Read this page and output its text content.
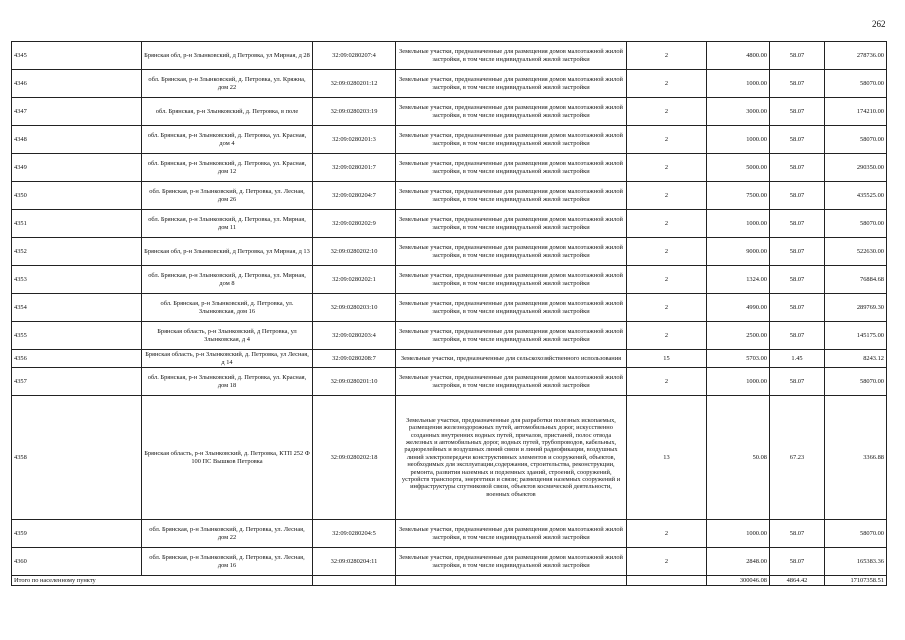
262
4345	Брянская обл, р-н Злынковский, д Петровка, ул Мирная, д 28	32:09:0280207:4	Земельные участки, предназначенные для размещения домов малоэтажной жилой застройки, в том числе индивидуальной жилой застройки	2	4800.00	58.07	278736.00
4346	обл. Брянская, р-н Злынковский, д. Петровка, ул. Кряжна, дом 22	32:09:0280201:12	Земельные участки, предназначенные для размещения домов малоэтажной жилой застройки, в том числе индивидуальной жилой застройки	2	1000.00	58.07	58070.00
4347	обл. Брянская, р-н Злынковский, д. Петровка, в поле	32:09:0280203:19	Земельные участки, предназначенные для размещения домов малоэтажной жилой застройки, в том числе индивидуальной жилой застройки	2	3000.00	58.07	174210.00
4348	обл. Брянская, р-н Злынковский, д. Петровка, ул. Красная, дом 4	32:09:0280201:3	Земельные участки, предназначенные для размещения домов малоэтажной жилой застройки, в том числе индивидуальной жилой застройки	2	1000.00	58.07	58070.00
4349	обл. Брянская, р-н Злынковский, д. Петровка, ул. Красная, дом 12	32:09:0280201:7	Земельные участки, предназначенные для размещения домов малоэтажной жилой застройки, в том числе индивидуальной жилой застройки	2	5000.00	58.07	290350.00
4350	обл. Брянская, р-н Злынковский, д. Петровка, ул. Лесная, дом 26	32:09:0280204:7	Земельные участки, предназначенные для размещения домов малоэтажной жилой застройки, в том числе индивидуальной жилой застройки	2	7500.00	58.07	435525.00
4351	обл. Брянская, р-н Злынковский, д. Петровка, ул. Мирная, дом 11	32:09:0280202:9	Земельные участки, предназначенные для размещения домов малоэтажной жилой застройки, в том числе индивидуальной жилой застройки	2	1000.00	58.07	58070.00
4352	Брянская обл, р-н Злынковский, д Петровка, ул Мирная, д 13	32:09:0280202:10	Земельные участки, предназначенные для размещения домов малоэтажной жилой застройки, в том числе индивидуальной жилой застройки	2	9000.00	58.07	522630.00
4353	обл. Брянская, р-н Злынковский, д. Петровка, ул. Мирная, дом 8	32:09:0280202:1	Земельные участки, предназначенные для размещения домов малоэтажной жилой застройки, в том числе индивидуальной жилой застройки	2	1324.00	58.07	76884.68
4354	обл. Брянская, р-н Злынковский, д. Петровка, ул. Злынковская, дом 16	32:09:0280203:10	Земельные участки, предназначенные для размещения домов малоэтажной жилой застройки, в том числе индивидуальной жилой застройки	2	4990.00	58.07	289769.30
4355	Брянская область, р-н Злынковский, д Петровка, ул Злынковская, д 4	32:09:0280203:4	Земельные участки, предназначенные для размещения домов малоэтажной жилой застройки, в том числе индивидуальной жилой застройки	2	2500.00	58.07	145175.00
4356	Брянская область, р-н Злынковский, д. Петровка, ул Лесная, д 14	32:09:0280208:7	Земельные участки, предназначенные для сельскохозяйственного использования	15	5703.00	1.45	8243.12
4357	обл. Брянская, р-н Злынковский, д. Петровка, ул. Красная, дом 18	32:09:0280201:10	Земельные участки, предназначенные для размещения домов малоэтажной жилой застройки, в том числе индивидуальной жилой застройки	2	1000.00	58.07	58070.00
4358	Брянская область, р-н Злынковский, д. Петровка, КТП 252 Ф 100 ПС Вышков Петровка	32:09:0280202:18	Земельные участки, предназначенные для разработки полезных ископаемых, размещения железнодорожных путей, автомобильных дорог, искусственно созданных внутренних водных путей, причалов, пристаней, полос отвода железных и автомобильных дорог, водных путей, трубопроводов, кабельных, радиорелейных и воздушных линий связи и линий радиофикации, воздушных линий электропередачи конструктивных элементов и сооружений, объектов, необходимых для эксплуатации,содержания, строительства, реконструкции, ремонта, развития наземных и подземных зданий, строений, сооружений, устройств транспорта, энергетики и связи; размещения наземных сооружений и инфраструктуры спутниковой связи, объектов космической деятельности, военных объектов	13	50.08	67.23	3366.88
4359	обл. Брянская, р-н Злынковский, д. Петровка, ул. Лесная, дом 22	32:09:0280204:5	Земельные участки, предназначенные для размещения домов малоэтажной жилой застройки, в том числе индивидуальной жилой застройки	2	1000.00	58.07	58070.00
4360	обл. Брянская, р-н Злынковский, д. Петровка, ул. Лесная, дом 16	32:09:0280204:11	Земельные участки, предназначенные для размещения домов малоэтажной жилой застройки, в том числе индивидуальной жилой застройки	2	2848.00	58.07	165383.36
Итого по населенному пункту					300046.08	4864.42	17107358.51
